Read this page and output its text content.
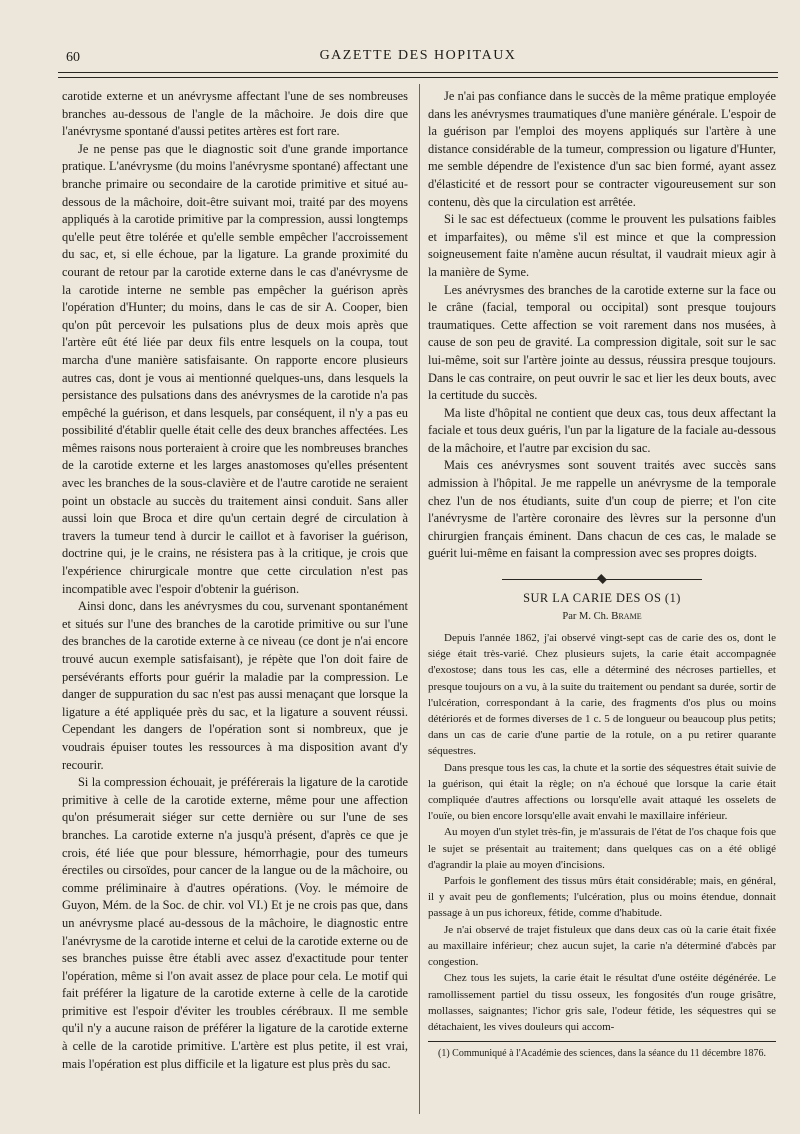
60	GAZETTE DES HOPITAUX

carotide externe et un anévrysme affectant l'une de ses nombreuses branches au-dessous de l'angle de la mâchoire. Je dois dire que l'anévrysme spontané d'aussi petites artères est fort rare.

Je ne pense pas que le diagnostic soit d'une grande importance pratique. L'anévrysme (du moins l'anévrysme spontané) affectant une branche primaire ou secondaire de la carotide primitive et situé au-dessous de la mâchoire, doit-être suivant moi, traité par des moyens appliqués à la carotide primitive par la compression, aussi longtemps qu'elle peut être tolérée et qu'elle semble empêcher l'accroissement du sac, et, si elle échoue, par la ligature. La grande proximité du courant de retour par la carotide externe dans le cas d'anévrysme de la carotide interne ne semble pas empêcher la guérison après l'opération d'Hunter; du moins, dans le cas de sir A. Cooper, bien qu'on pût percevoir les pulsations plus de deux mois après que l'artère eût été liée par deux fils entre lesquels on la coupa, tout marcha d'une manière satisfaisante. On rapporte encore plusieurs autres cas, dont je vous ai mentionné quelques-uns, dans lesquels la persistance des pulsations dans des anévrysmes de la carotide n'a pas empêché la guérison, et dans lesquels, par conséquent, il n'y a pas eu possibilité d'établir quelle était celle des deux branches affectées. Les mêmes raisons nous porteraient à croire que les nombreuses branches de la carotide externe et les larges anastomoses qu'elles présentent avec les branches de la sous-clavière et de l'autre carotide ne seraient point un obstacle au succès du traitement ainsi conduit. Sans aller aussi loin que Broca et dire qu'un certain degré de circulation à travers la tumeur tend à durcir le caillot et à favoriser la guérison, doctrine qui, je le crains, ne résistera pas à la critique, je crois que l'expérience chirurgicale montre que cette circulation n'est pas incompatible avec l'espoir d'obtenir la guérison.

Ainsi donc, dans les anévrysmes du cou, survenant spontanément et situés sur l'une des branches de la carotide primitive ou sur l'une des branches de la carotide externe à ce niveau (ce dont je n'ai encore trouvé aucun exemple satisfaisant), je répète que l'on doit faire de persévérants efforts pour guérir la maladie par la compression. Le danger de suppuration du sac n'est pas aussi menaçant que lorsque la ligature a été appliquée près du sac, et la ligature a souvent réussi. Cependant les dangers de l'opération sont si nombreux, que je voudrais épuiser toutes les ressources à ma disposition avant d'y recourir.

Si la compression échouait, je préférerais la ligature de la carotide primitive à celle de la carotide externe, même pour une affection qu'on présumerait siéger sur cette dernière ou sur l'une de ses branches. La carotide externe n'a jusqu'à présent, d'après ce que je crois, été liée que pour blessure, hémorrhagie, pour des tumeurs érectiles ou cirsoïdes, pour cancer de la langue ou de la mâchoire, ou comme préliminaire à d'autres opérations. (Voy. le mémoire de Guyon, Mém. de la Soc. de chir. vol VI.) Et je ne crois pas que, dans un anévrysme placé au-dessous de la mâchoire, le diagnostic entre l'anévrysme de la carotide interne et celui de la carotide externe ou de ses branches puisse être établi avec assez d'exactitude pour tenter l'opération, même si l'on avait assez de place pour cela. Le motif qui fait préférer la ligature de la carotide externe à celle de la carotide primitive est l'espoir d'éviter les troubles cérébraux. Il me semble qu'il n'y a aucune raison de préférer la ligature de la carotide externe à celle de la carotide primitive. L'artère est plus petite, il est vrai, mais l'opération est plus difficile et la ligature est plus près du sac.

Je n'ai pas confiance dans le succès de la même pratique employée dans les anévrysmes traumatiques d'une manière générale. L'espoir de la guérison par l'emploi des moyens appliqués sur l'artère à une distance considérable de la tumeur, compression ou ligature d'Hunter, me semble dépendre de l'existence d'un sac bien formé, ayant assez d'élasticité et de ressort pour se contracter vigoureusement sur son contenu, dès que la circulation est arrêtée.

Si le sac est défectueux (comme le prouvent les pulsations faibles et imparfaites), ou même s'il est mince et que la compression soigneusement faite n'amène aucun résultat, il vaudrait mieux agir à la manière de Syme.

Les anévrysmes des branches de la carotide externe sur la face ou le crâne (facial, temporal ou occipital) sont presque toujours traumatiques. Cette affection se voit rarement dans nos musées, à cause de son peu de gravité. La compression digitale, soit sur le sac lui-même, soit sur l'artère jointe au dessus, réussira presque toujours. Dans le cas contraire, on peut ouvrir le sac et lier les deux bouts, avec la certitude du succès.

Ma liste d'hôpital ne contient que deux cas, tous deux affectant la faciale et tous deux guéris, l'un par la ligature de la faciale au-dessous de la mâchoire, et l'autre par excision du sac.

Mais ces anévrysmes sont souvent traités avec succès sans admission à l'hôpital. Je me rappelle un anévrysme de la temporale chez l'un de nos étudiants, suite d'un coup de pierre; et l'on cite l'anévrysme de l'artère coronaire des lèvres sur la personne d'un chirurgien français éminent. Dans chacun de ces cas, le malade se guérit lui-même en faisant la compression avec ses propres doigts.

SUR LA CARIE DES OS (1)
Par M. Ch. Brame

Depuis l'année 1862, j'ai observé vingt-sept cas de carie des os, dont le siége était très-varié. Chez plusieurs sujets, la carie était accompagnée d'exostose; dans tous les cas, elle a déterminé des nécroses partielles, et presque toujours on a vu, à la suite du traitement ou pendant sa durée, sortir de l'ulcération, correspondant à la carie, des fragments d'os plus ou moins détériorés et de formes diverses de 1 c. 5 de longueur ou beaucoup plus petits; dans un cas de carie d'une partie de la rotule, on a pu retirer quarante séquestres.

Dans presque tous les cas, la chute et la sortie des séquestres était suivie de la guérison, qui était la règle; on n'a échoué que lorsque la carie était compliquée d'autres affections ou lorsqu'elle avait attaqué les osselets de l'ouïe, ou bien encore lorsqu'elle avait envahi le maxillaire inférieur.

Au moyen d'un stylet très-fin, je m'assurais de l'état de l'os chaque fois que le sujet se présentait au traitement; dans quelques cas on a été obligé d'agrandir la plaie au moyen d'incisions.

Parfois le gonflement des tissus mûrs était considérable; mais, en général, il y avait peu de gonflements; l'ulcération, plus ou moins étendue, donnait passage à un pus ichoreux, fétide, comme d'habitude.

Je n'ai observé de trajet fistuleux que dans deux cas où la carie était fixée au maxillaire inférieur; chez aucun sujet, la carie n'a déterminé d'abcès par congestion.

Chez tous les sujets, la carie était le résultat d'une ostéite dégénérée. Le ramollissement partiel du tissu osseux, les fongosités d'un rouge grisâtre, mollasses, saignantes; l'ichor gris sale, l'odeur fétide, les séquestres qui se détachaient, les vives douleurs qui accom-

(1) Communiqué à l'Académie des sciences, dans la séance du 11 décembre 1876.
